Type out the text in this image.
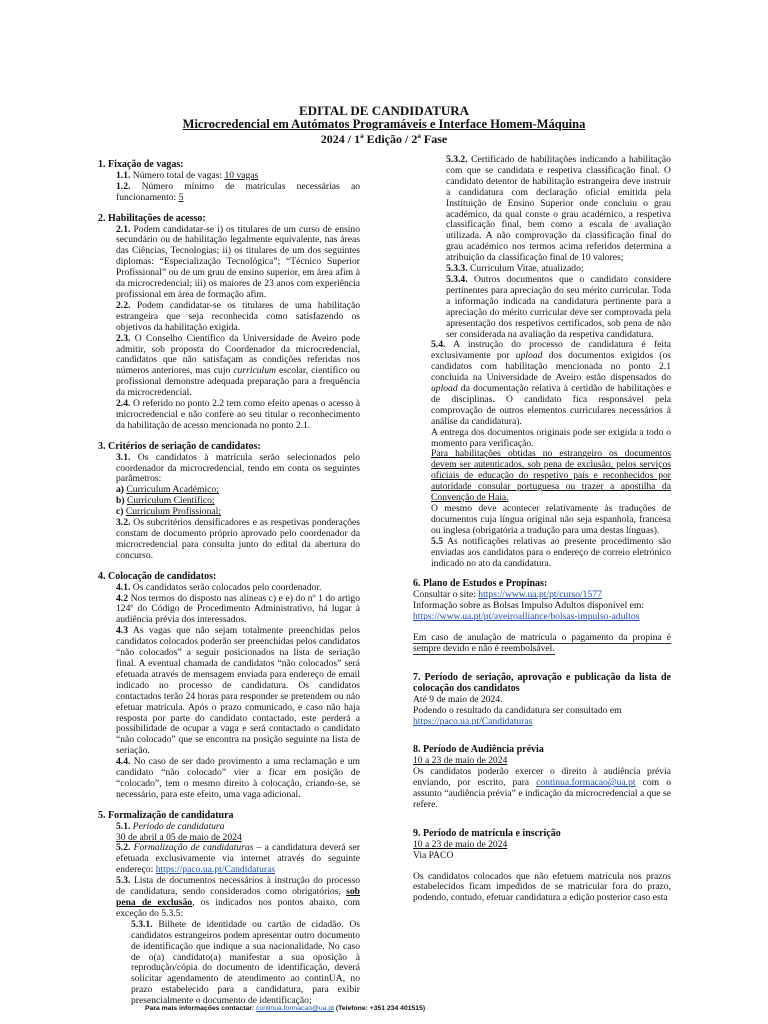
EDITAL DE CANDIDATURA
Microcredencial em Autómatos Programáveis e Interface Homem-Máquina
2024 / 1ª Edição / 2ª Fase

1. Fixação de vagas:

1.1. Número total de vagas: 10 vagas

1.2. Número mínimo de matrículas necessárias ao funcionamento: 5

2. Habilitações de acesso:

2.1. Podem candidatar-se i) os titulares de um curso de ensino secundário ou de habilitação legalmente equivalente, nas áreas das Ciências, Tecnologias; ii) os titulares de um dos seguintes diplomas: “Especialização Tecnológica”; “Técnico Superior Profissional” ou de um grau de ensino superior, em área afim à da microcredencial; iii) os maiores de 23 anos com experiência profissional em área de formação afim.

2.2. Podem candidatar-se os titulares de uma habilitação estrangeira que seja reconhecida como satisfazendo os objetivos da habilitação exigida.

2.3. O Conselho Científico da Universidade de Aveiro pode admitir, sob proposta do Coordenador da microcredencial, candidatos que não satisfaçam as condições referidas nos números anteriores, mas cujo curriculum escolar, científico ou profissional demonstre adequada preparação para a frequência da microcredencial.

2.4. O referido no ponto 2.2 tem como efeito apenas o acesso à microcredencial e não confere ao seu titular o reconhecimento da habilitação de acesso mencionada no ponto 2.1.

3. Critérios de seriação de candidatos:

3.1. Os candidatos à matrícula serão selecionados pelo coordenador da microcredencial, tendo em conta os seguintes parâmetros:

a) Curriculum Académico;

b) Curriculum Científico;

c) Curriculum Profissional;

3.2. Os subcritérios densificadores e as respetivas ponderações constam de documento próprio aprovado pelo coordenador da microcredencial para consulta junto do edital da abertura do concurso.

4. Colocação de candidatos:

4.1. Os candidatos serão colocados pelo coordenador.

4.2 Nos termos do disposto nas alíneas c) e e) do nº 1 do artigo 124º do Código de Procedimento Administrativo, há lugar à audiência prévia dos interessados.

4.3 As vagas que não sejam totalmente preenchidas pelos candidatos colocados poderão ser preenchidas pelos candidatos “não colocados” a seguir posicionados na lista de seriação final. A eventual chamada de candidatos “não colocados” será efetuada através de mensagem enviada para endereço de email indicado no processo de candidatura. Os candidatos contactados terão 24 horas para responder se pretendem ou não efetuar matrícula. Após o prazo comunicado, e caso não haja resposta por parte do candidato contactado, este perderá a possibilidade de ocupar a vaga e será contactado o candidato “não colocado” que se encontra na posição seguinte na lista de seriação.

4.4. No caso de ser dado provimento a uma reclamação e um candidato “não colocado” vier a ficar em posição de “colocado”, tem o mesmo direito à colocação, criando-se, se necessário, para este efeito, uma vaga adicional.

5. Formalização de candidatura

5.1. Período de candidatura

30 de abril a 05 de maio de 2024

5.2. Formalização de candidaturas – a candidatura deverá ser efetuada exclusivamente via internet através do seguinte endereço: https://paco.ua.pt/Candidaturas

5.3. Lista de documentos necessários à instrução do processo de candidatura, sendo considerados como obrigatórios, sob pena de exclusão, os indicados nos pontos abaixo, com exceção do 5.3.5:

5.3.1. Bilhete de identidade ou cartão de cidadão. Os candidatos estrangeiros podem apresentar outro documento de identificação que indique a sua nacionalidade. No caso de o(a) candidato(a) manifestar a sua oposição à reprodução/cópia do documento de identificação, deverá solicitar agendamento de atendimento ao continUA, no prazo estabelecido para a candidatura, para exibir presencialmente o documento de identificação;

5.3.2. Certificado de habilitações indicando a habilitação com que se candidata e respetiva classificação final. O candidato detentor de habilitação estrangeira deve instruir a candidatura com declaração oficial emitida pela Instituição de Ensino Superior onde concluiu o grau académico, da qual conste o grau académico, a respetiva classificação final, bem como a escala de avaliação utilizada. A não comprovação da classificação final do grau académico nos termos acima referidos determina a atribuição da classificação final de 10 valores;

5.3.3. Curriculum Vitae, atualizado;

5.3.4. Outros documentos que o candidato considere pertinentes para apreciação do seu mérito curricular. Toda a informação indicada na candidatura pertinente para a apreciação do mérito curricular deve ser comprovada pela apresentação dos respetivos certificados, sob pena de não ser considerada na avaliação da respetiva candidatura.

5.4. A instrução do processo de candidatura é feita exclusivamente por upload dos documentos exigidos (os candidatos com habilitação mencionada no ponto 2.1 concluída na Universidade de Aveiro estão dispensados do upload da documentação relativa à certidão de habilitações e de disciplinas. O candidato fica responsável pela comprovação de outros elementos curriculares necessários à análise da candidatura).

A entrega dos documentos originais pode ser exigida a todo o momento para verificação.

Para habilitações obtidas no estrangeiro os documentos devem ser autenticados, sob pena de exclusão, pelos serviços oficiais de educação do respetivo país e reconhecidos por autoridade consular portuguesa ou trazer a apostilha da Convenção de Haia.

O mesmo deve acontecer relativamente às traduções de documentos cuja língua original não seja espanhola, francesa ou inglesa (obrigatória a tradução para uma destas línguas).

5.5 As notificações relativas ao presente procedimento são enviadas aos candidatos para o endereço de correio eletrónico indicado no ato da candidatura.

6. Plano de Estudos e Propinas:

Consultar o site: https://www.ua.pt/pt/curso/1577

Informação sobre as Bolsas Impulso Adultos disponível em:

https://www.ua.pt/pt/aveiroalliance/bolsas-impulso-adultos

Em caso de anulação de matrícula o pagamento da propina é sempre devido e não é reembolsável.

7. Período de seriação, aprovação e publicação da lista de colocação dos candidatos

Até 9 de maio de 2024.

Podendo o resultado da candidatura ser consultado em

https://paco.ua.pt/Candidaturas

8. Período de Audiência prévia

10 a 23 de maio de 2024

Os candidatos poderão exercer o direito à audiência prévia enviando, por escrito, para continua.formacao@ua.pt com o assunto “audiência prévia” e indicação da microcredencial a que se refere.

9. Período de matrícula e inscrição

10 a 23 de maio de 2024

Via PACO

Os candidatos colocados que não efetuem matrícula nos prazos estabelecidos ficam impedidos de se matricular fora do prazo, podendo, contudo, efetuar candidatura a edição posterior caso esta

Para mais informações contactar: continua.formacao@ua.pt (Telefone: +351 234 401515)
